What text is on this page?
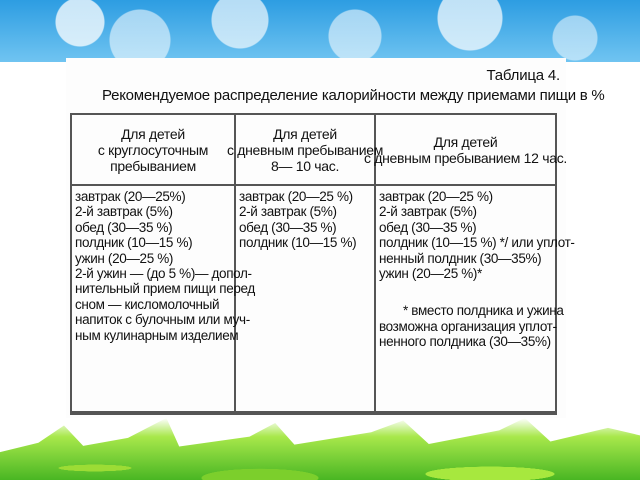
Таблица 4.
Рекомендуемое распределение калорийности между приемами пищи в %
Для детей
с круглосуточным
пребыванием
Для детей
с дневным пребыванием
8— 10 час.
Для детей
с дневным пребыванием 12 час.
завтрак (20—25%)
2-й завтрак (5%)
обед (30—35 %)
полдник (10—15 %)
ужин (20—25 %)
2-й ужин — (до 5 %)— допол-
нительный прием пищи перед
сном — кисломолочный
напиток с булочным или муч-
ным кулинарным изделием
завтрак (20—25 %)
2-й завтрак (5%)
обед (30—35 %)
полдник (10—15 %)
завтрак (20—25 %)
2-й завтрак (5%)
обед (30—35 %)
полдник (10—15 %) */ или уплот-
ненный полдник (30—35%)
ужин (20—25 %)*
* вместо полдника и ужина
возможна организация уплот-
ненного полдника (30—35%)
